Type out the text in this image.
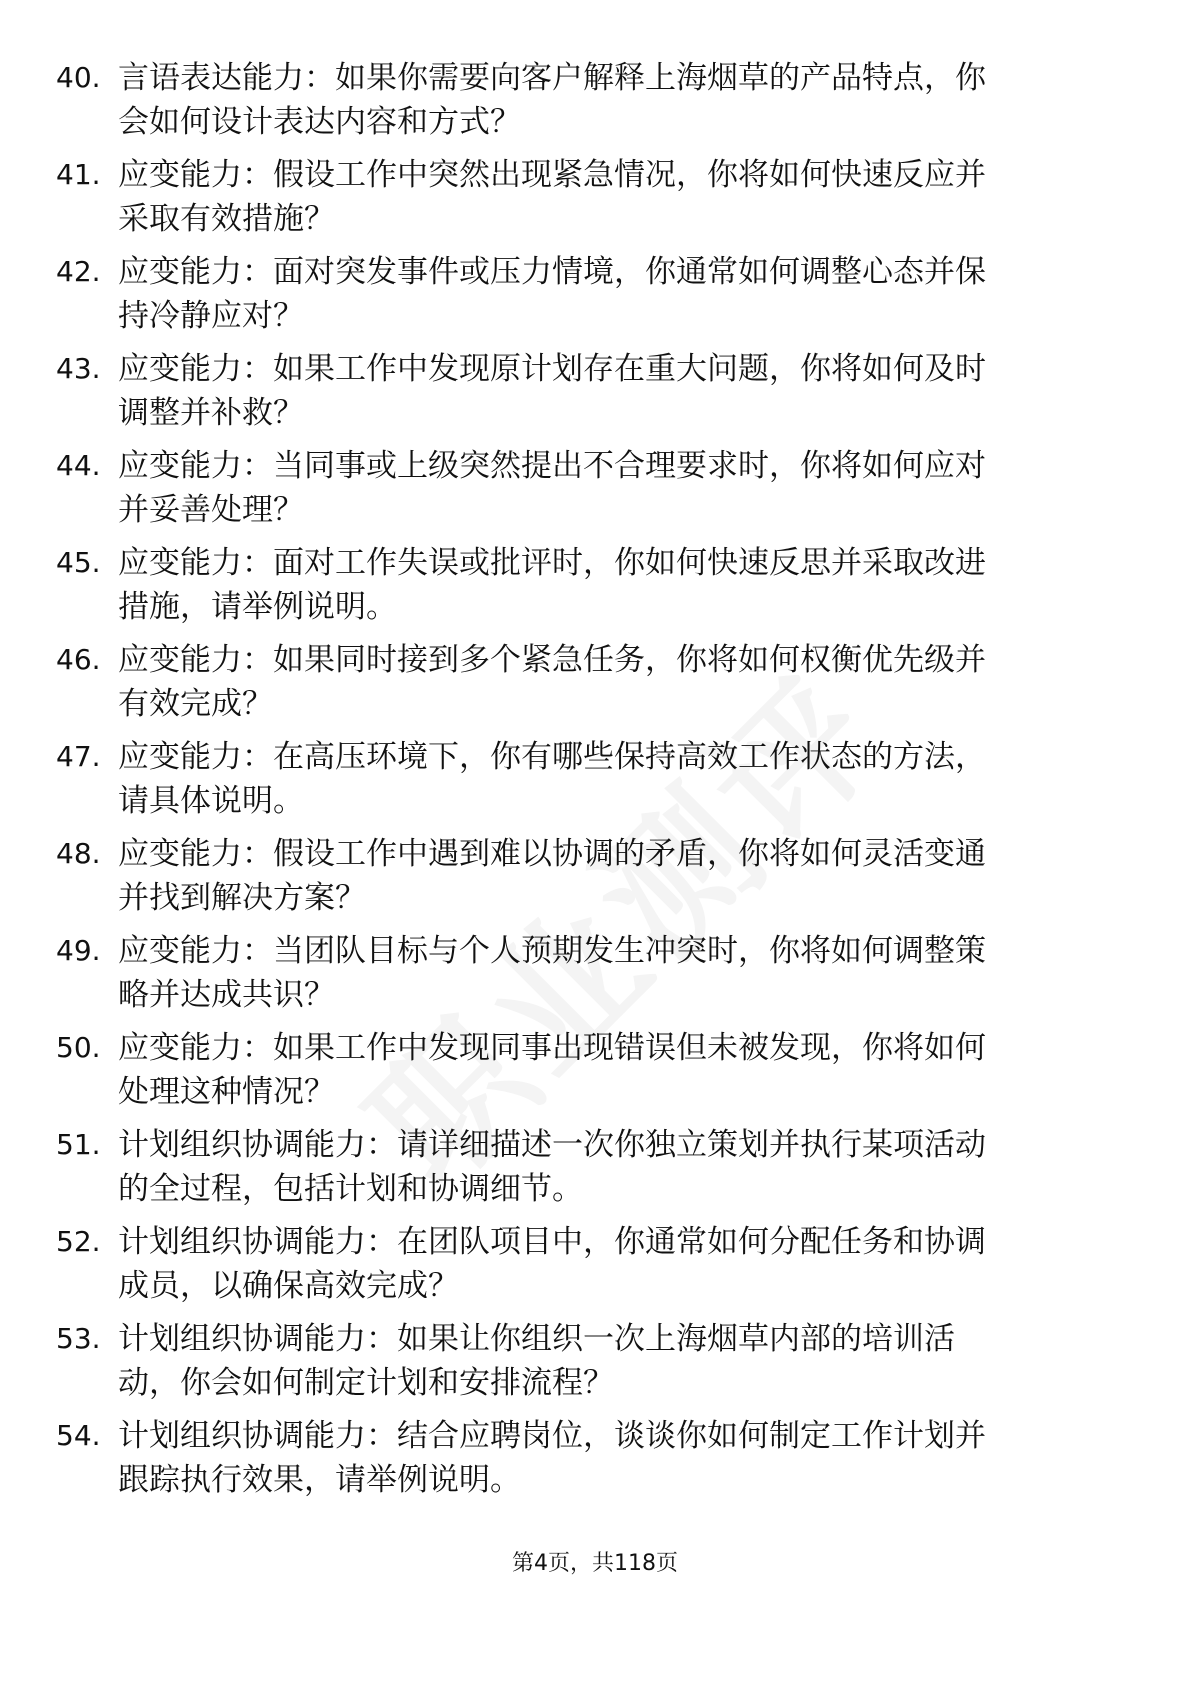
40. 言语表达能力：如果你需要向客户解释上海烟草的产品特点，你
会如何设计表达内容和方式？

41. 应变能力：假设工作中突然出现紧急情况，你将如何快速反应并
采取有效措施？

42. 应变能力：面对突发事件或压力情境，你通常如何调整心态并保
持冷静应对？

43. 应变能力：如果工作中发现原计划存在重大问题，你将如何及时
调整并补救？

44. 应变能力：当同事或上级突然提出不合理要求时，你将如何应对
并妥善处理？

45. 应变能力：面对工作失误或批评时，你如何快速反思并采取改进
措施，请举例说明。

46. 应变能力：如果同时接到多个紧急任务，你将如何权衡优先级并
有效完成？

47. 应变能力：在高压环境下，你有哪些保持高效工作状态的方法，
请具体说明。

48. 应变能力：假设工作中遇到难以协调的矛盾，你将如何灵活变通
并找到解决方案？

49. 应变能力：当团队目标与个人预期发生冲突时，你将如何调整策
略并达成共识？

50. 应变能力：如果工作中发现同事出现错误但未被发现，你将如何
处理这种情况？

51. 计划组织协调能力：请详细描述一次你独立策划并执行某项活动
的全过程，包括计划和协调细节。

52. 计划组织协调能力：在团队项目中，你通常如何分配任务和协调
成员，以确保高效完成？

53. 计划组织协调能力：如果让你组织一次上海烟草内部的培训活
动，你会如何制定计划和安排流程？

54. 计划组织协调能力：结合应聘岗位，谈谈你如何制定工作计划并
跟踪执行效果，请举例说明。

第4页，共118页
